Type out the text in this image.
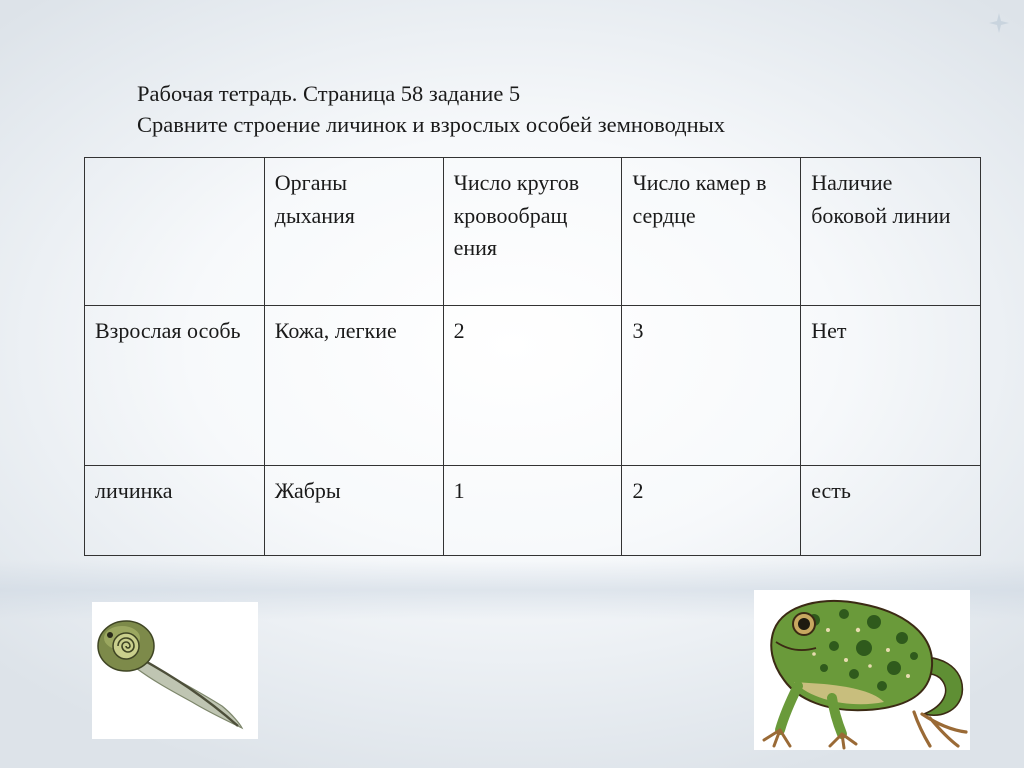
Рабочая тетрадь. Страница 58 задание 5
Сравните строение личинок и взрослых особей земноводных
	Органы дыхания	Число кругов кровообращ ения	Число камер в сердце	Наличие боковой линии
Взрослая особь	Кожа, легкие	2	3	Нет
личинка	Жабры	1	2	есть
